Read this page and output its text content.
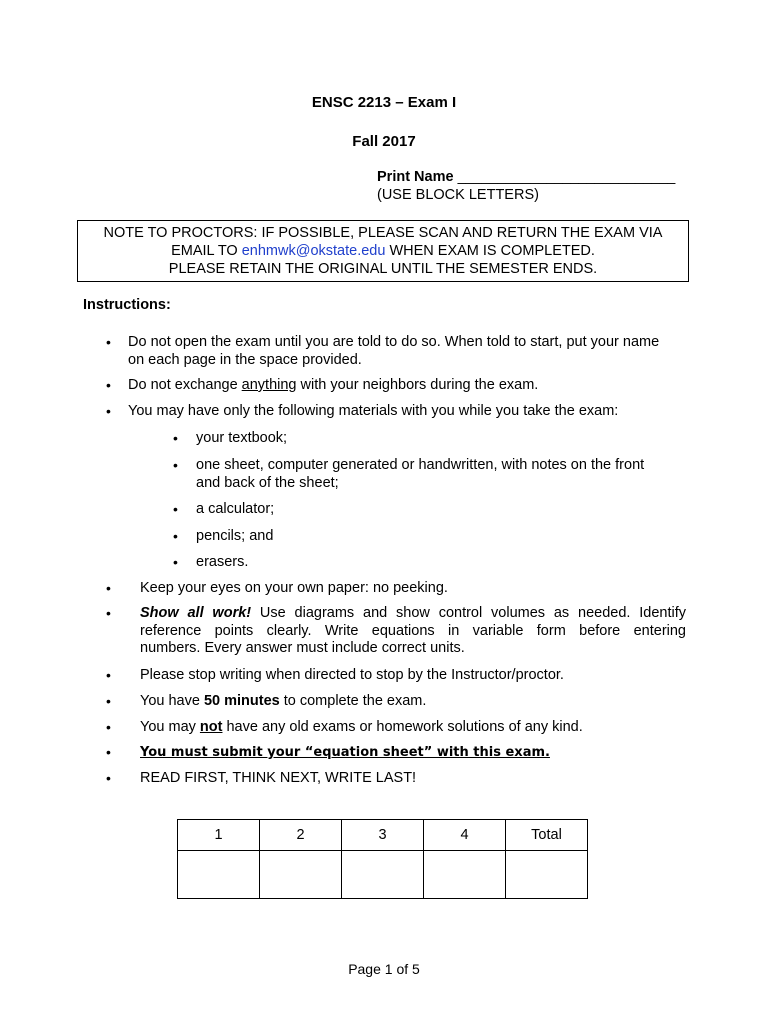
ENSC 2213 – Exam I
Fall 2017
Print Name ___________________________
(USE BLOCK LETTERS)
NOTE TO PROCTORS: IF POSSIBLE, PLEASE SCAN AND RETURN THE EXAM VIA
EMAIL TO enhmwk@okstate.edu WHEN EXAM IS COMPLETED.
PLEASE RETAIN THE ORIGINAL UNTIL THE SEMESTER ENDS.
Instructions:
• Do not open the exam until you are told to do so. When told to start, put your name
on each page in the space provided.
• Do not exchange anything with your neighbors during the exam.
• You may have only the following materials with you while you take the exam:
• your textbook;
• one sheet, computer generated or handwritten, with notes on the front
and back of the sheet;
• a calculator;
• pencils; and
• erasers.
• Keep your eyes on your own paper: no peeking.
• Show all work! Use diagrams and show control volumes as needed. Identify
reference points clearly. Write equations in variable form before entering
numbers. Every answer must include correct units.
• Please stop writing when directed to stop by the Instructor/proctor.
• You have 50 minutes to complete the exam.
• You may not have any old exams or homework solutions of any kind.
• You must submit your “equation sheet” with this exam.
• READ FIRST, THINK NEXT, WRITE LAST!
1	2	3	4	Total

Page 1 of 5
